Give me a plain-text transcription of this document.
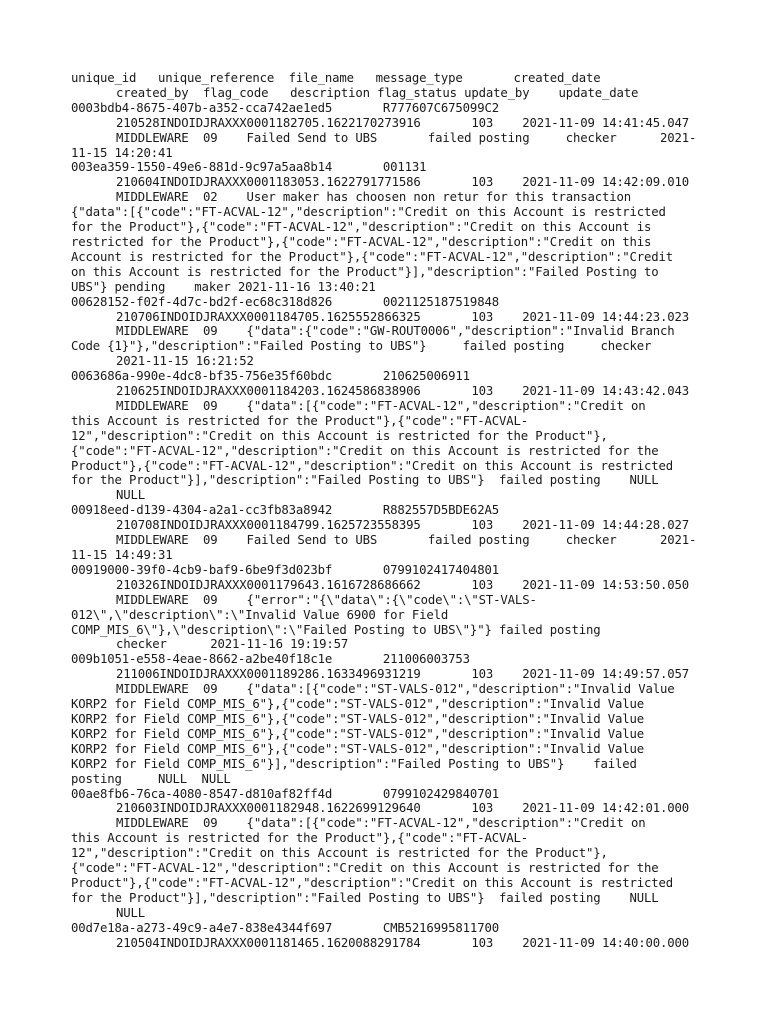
unique_id   unique_reference  file_name   message_type       created_date
created_by  flag_code   description flag_status update_by    update_date
0003bdb4-8675-407b-a352-cca742ae1ed5       R777607C675099C2
210528INDOIDJRAXXX0001182705.1622170273916       103    2021-11-09 14:41:45.047
MIDDLEWARE  09    Failed Send to UBS       failed posting     checker      2021-
11-15 14:20:41
003ea359-1550-49e6-881d-9c97a5aa8b14       001131
210604INDOIDJRAXXX0001183053.1622791771586       103    2021-11-09 14:42:09.010
MIDDLEWARE  02    User maker has choosen non retur for this transaction
{"data":[{"code":"FT-ACVAL-12","description":"Credit on this Account is restricted
for the Product"},{"code":"FT-ACVAL-12","description":"Credit on this Account is
restricted for the Product"},{"code":"FT-ACVAL-12","description":"Credit on this
Account is restricted for the Product"},{"code":"FT-ACVAL-12","description":"Credit
on this Account is restricted for the Product"}],"description":"Failed Posting to
UBS"} pending    maker 2021-11-16 13:40:21
00628152-f02f-4d7c-bd2f-ec68c318d826       0021125187519848
210706INDOIDJRAXXX0001184705.1625552866325       103    2021-11-09 14:44:23.023
MIDDLEWARE  09    {"data":{"code":"GW-ROUT0006","description":"Invalid Branch
Code {1}"},"description":"Failed Posting to UBS"}     failed posting     checker
2021-11-15 16:21:52
0063686a-990e-4dc8-bf35-756e35f60bdc       210625006911
210625INDOIDJRAXXX0001184203.1624586838906       103    2021-11-09 14:43:42.043
MIDDLEWARE  09    {"data":[{"code":"FT-ACVAL-12","description":"Credit on
this Account is restricted for the Product"},{"code":"FT-ACVAL-
12","description":"Credit on this Account is restricted for the Product"},
{"code":"FT-ACVAL-12","description":"Credit on this Account is restricted for the
Product"},{"code":"FT-ACVAL-12","description":"Credit on this Account is restricted
for the Product"}],"description":"Failed Posting to UBS"}  failed posting    NULL
NULL
00918eed-d139-4304-a2a1-cc3fb83a8942       R882557D5BDE62A5
210708INDOIDJRAXXX0001184799.1625723558395       103    2021-11-09 14:44:28.027
MIDDLEWARE  09    Failed Send to UBS       failed posting     checker      2021-
11-15 14:49:31
00919000-39f0-4cb9-baf9-6be9f3d023bf       0799102417404801
210326INDOIDJRAXXX0001179643.1616728686662       103    2021-11-09 14:53:50.050
MIDDLEWARE  09    {"error":"{\"data\":{\"code\":\"ST-VALS-
012\",\"description\":\"Invalid Value 6900 for Field
COMP_MIS_6\"},\"description\":\"Failed Posting to UBS\"}"} failed posting
checker      2021-11-16 19:19:57
009b1051-e558-4eae-8662-a2be40f18c1e       211006003753
211006INDOIDJRAXXX0001189286.1633496931219       103    2021-11-09 14:49:57.057
MIDDLEWARE  09    {"data":[{"code":"ST-VALS-012","description":"Invalid Value
KORP2 for Field COMP_MIS_6"},{"code":"ST-VALS-012","description":"Invalid Value
KORP2 for Field COMP_MIS_6"},{"code":"ST-VALS-012","description":"Invalid Value
KORP2 for Field COMP_MIS_6"},{"code":"ST-VALS-012","description":"Invalid Value
KORP2 for Field COMP_MIS_6"},{"code":"ST-VALS-012","description":"Invalid Value
KORP2 for Field COMP_MIS_6"}],"description":"Failed Posting to UBS"}    failed
posting     NULL  NULL
00ae8fb6-76ca-4080-8547-d810af82ff4d       0799102429840701
210603INDOIDJRAXXX0001182948.1622699129640       103    2021-11-09 14:42:01.000
MIDDLEWARE  09    {"data":[{"code":"FT-ACVAL-12","description":"Credit on
this Account is restricted for the Product"},{"code":"FT-ACVAL-
12","description":"Credit on this Account is restricted for the Product"},
{"code":"FT-ACVAL-12","description":"Credit on this Account is restricted for the
Product"},{"code":"FT-ACVAL-12","description":"Credit on this Account is restricted
for the Product"}],"description":"Failed Posting to UBS"}  failed posting    NULL
NULL
00d7e18a-a273-49c9-a4e7-838e4344f697       CMB5216995811700
210504INDOIDJRAXXX0001181465.1620088291784       103    2021-11-09 14:40:00.000
